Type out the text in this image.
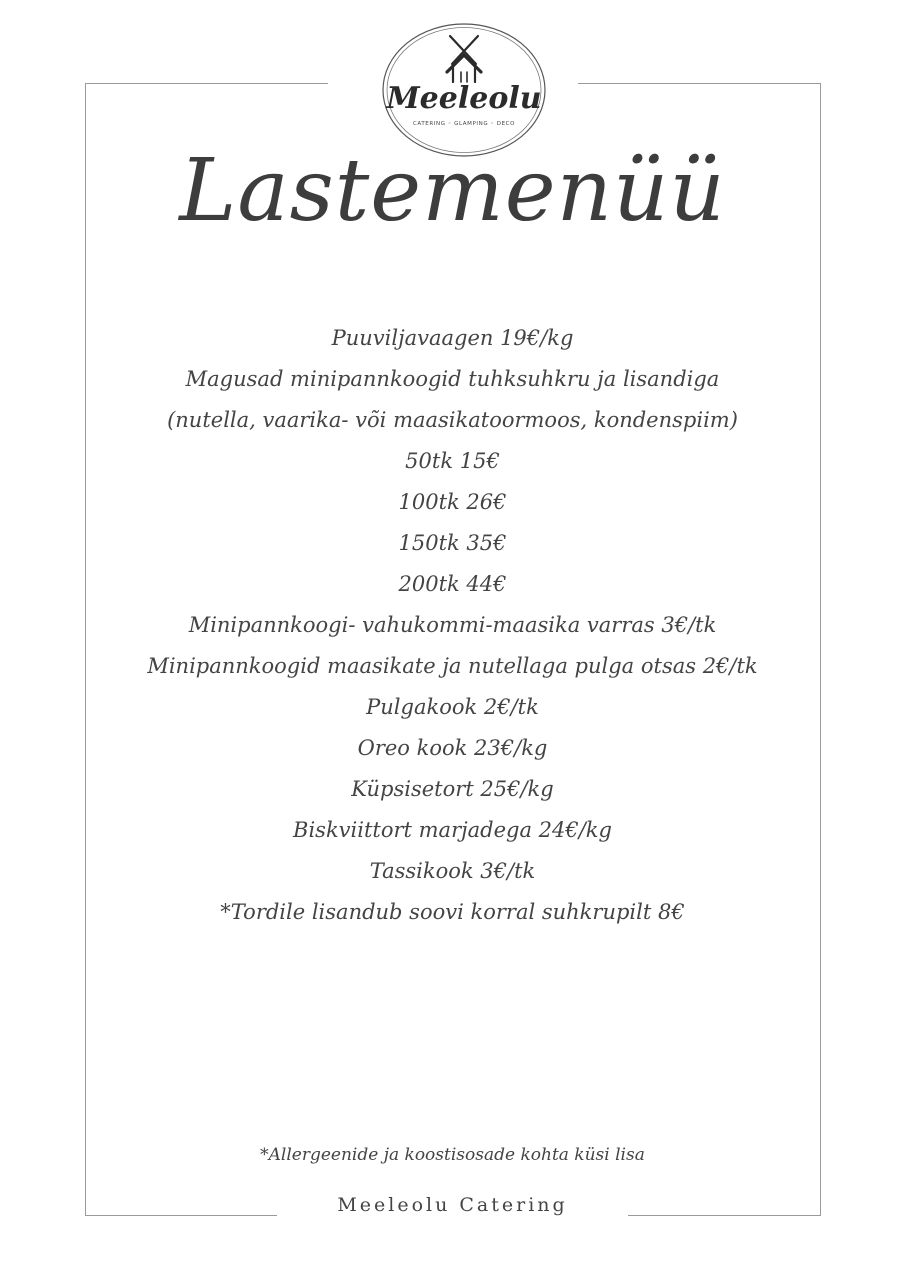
Meeleolu
CATERING ◦ GLAMPING ◦ DECO
Lastemenüü
Puuviljavaagen 19€/kg
Magusad minipannkoogid tuhksuhkru ja lisandiga
(nutella, vaarika- või maasikatoormoos, kondenspiim)
50tk 15€
100tk 26€
150tk 35€
200tk 44€
Minipannkoogi- vahukommi-maasika varras 3€/tk
Minipannkoogid maasikate ja nutellaga pulga otsas 2€/tk
Pulgakook 2€/tk
Oreo kook 23€/kg
Küpsisetort 25€/kg
Biskviittort marjadega 24€/kg
Tassikook 3€/tk
*Tordile lisandub soovi korral suhkrupilt 8€
*Allergeenide ja koostisosade kohta küsi lisa
Meeleolu Catering
